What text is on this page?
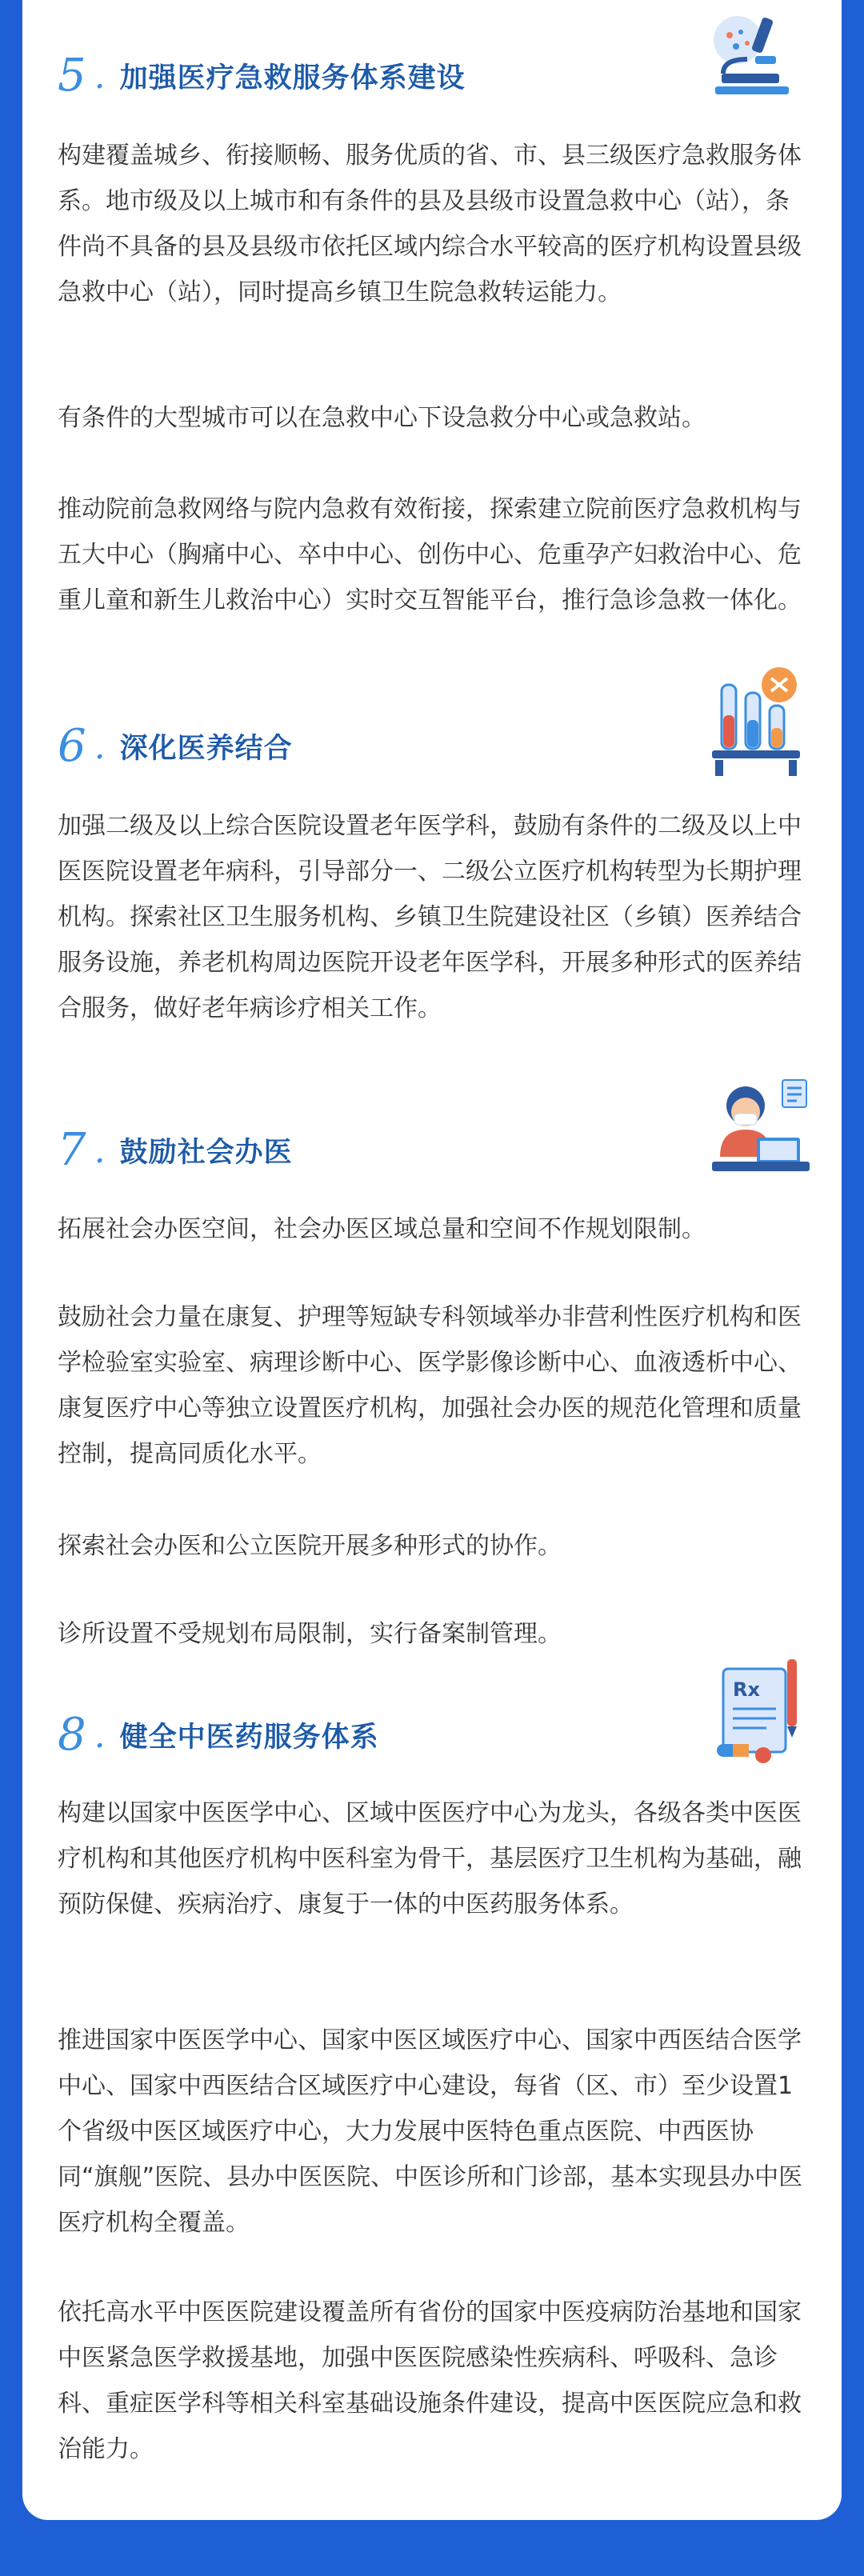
5 . 加强医疗急救服务体系建设

构建覆盖城乡、衔接顺畅、服务优质的省、市、县三级医疗急救服务体系。地市级及以上城市和有条件的县及县级市设置急救中心（站），条件尚不具备的县及县级市依托区域内综合水平较高的医疗机构设置县级急救中心（站），同时提高乡镇卫生院急救转运能力。

有条件的大型城市可以在急救中心下设急救分中心或急救站。

推动院前急救网络与院内急救有效衔接，探索建立院前医疗急救机构与五大中心（胸痛中心、卒中中心、创伤中心、危重孕产妇救治中心、危重儿童和新生儿救治中心）实时交互智能平台，推行急诊急救一体化。

6 . 深化医养结合

加强二级及以上综合医院设置老年医学科，鼓励有条件的二级及以上中医医院设置老年病科，引导部分一、二级公立医疗机构转型为长期护理机构。探索社区卫生服务机构、乡镇卫生院建设社区（乡镇）医养结合服务设施，养老机构周边医院开设老年医学科，开展多种形式的医养结合服务，做好老年病诊疗相关工作。

7 . 鼓励社会办医

拓展社会办医空间，社会办医区域总量和空间不作规划限制。

鼓励社会力量在康复、护理等短缺专科领域举办非营利性医疗机构和医学检验室实验室、病理诊断中心、医学影像诊断中心、血液透析中心、康复医疗中心等独立设置医疗机构，加强社会办医的规范化管理和质量控制，提高同质化水平。

探索社会办医和公立医院开展多种形式的协作。

诊所设置不受规划布局限制，实行备案制管理。

8 . 健全中医药服务体系
Rx

构建以国家中医医学中心、区域中医医疗中心为龙头，各级各类中医医疗机构和其他医疗机构中医科室为骨干，基层医疗卫生机构为基础，融预防保健、疾病治疗、康复于一体的中医药服务体系。

推进国家中医医学中心、国家中医区域医疗中心、国家中西医结合医学中心、国家中西医结合区域医疗中心建设，每省（区、市）至少设置1个省级中医区域医疗中心，大力发展中医特色重点医院、中西医协同“旗舰”医院、县办中医医院、中医诊所和门诊部，基本实现县办中医医疗机构全覆盖。

依托高水平中医医院建设覆盖所有省份的国家中医疫病防治基地和国家中医紧急医学救援基地，加强中医医院感染性疾病科、呼吸科、急诊科、重症医学科等相关科室基础设施条件建设，提高中医医院应急和救治能力。
